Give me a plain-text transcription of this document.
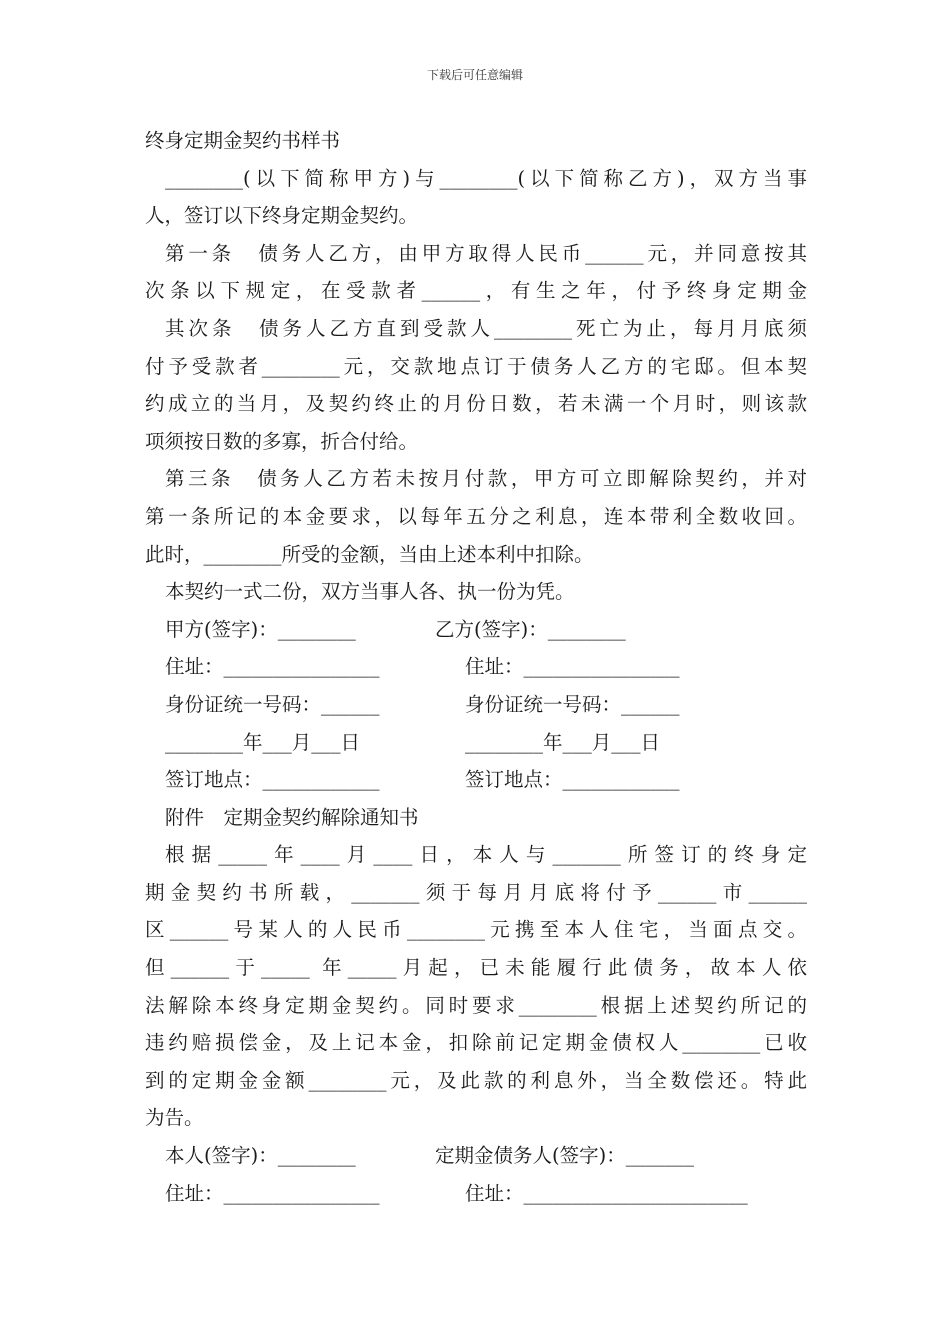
下载后可任意编辑
终身定期金契约书样书
________(以下简称甲方)与________(以下简称乙方)，双方当事
人，签订以下终身定期金契约。
第一条　债务人乙方，由甲方取得人民币______元，并同意按其
次条以下规定，在受款者______，有生之年，付予终身定期金
其次条　债务人乙方直到受款人________死亡为止，每月月底须
付予受款者________元，交款地点订于债务人乙方的宅邸。但本契
约成立的当月，及契约终止的月份日数，若未满一个月时，则该款
项须按日数的多寡，折合付给。
第三条　债务人乙方若未按月付款，甲方可立即解除契约，并对
第一条所记的本金要求，以每年五分之利息，连本带利全数收回。
此时，________所受的金额，当由上述本利中扣除。
本契约一式二份，双方当事人各、执一份为凭。
甲方(签字)：________	乙方(签字)：________
住址：________________	住址：________________
身份证统一号码：______	身份证统一号码：______
________年___月___日	________年___月___日
签订地点：____________	签订地点：____________
附件　定期金契约解除通知书
根据_____年____月____日，本人与_______所签订的终身定
期金契约书所载，_______须于每月月底将付予______市______
区______号某人的人民币________元携至本人住宅，当面点交。
但______于_____ 年_____月起，已未能履行此债务，故本人依
法解除本终身定期金契约。同时要求________根据上述契约所记的
违约赔损偿金，及上记本金，扣除前记定期金债权人________已收
到的定期金金额________元，及此款的利息外，当全数偿还。特此
为告。
本人(签字)：________	定期金债务人(签字)：_______
住址：________________	住址：_______________________
